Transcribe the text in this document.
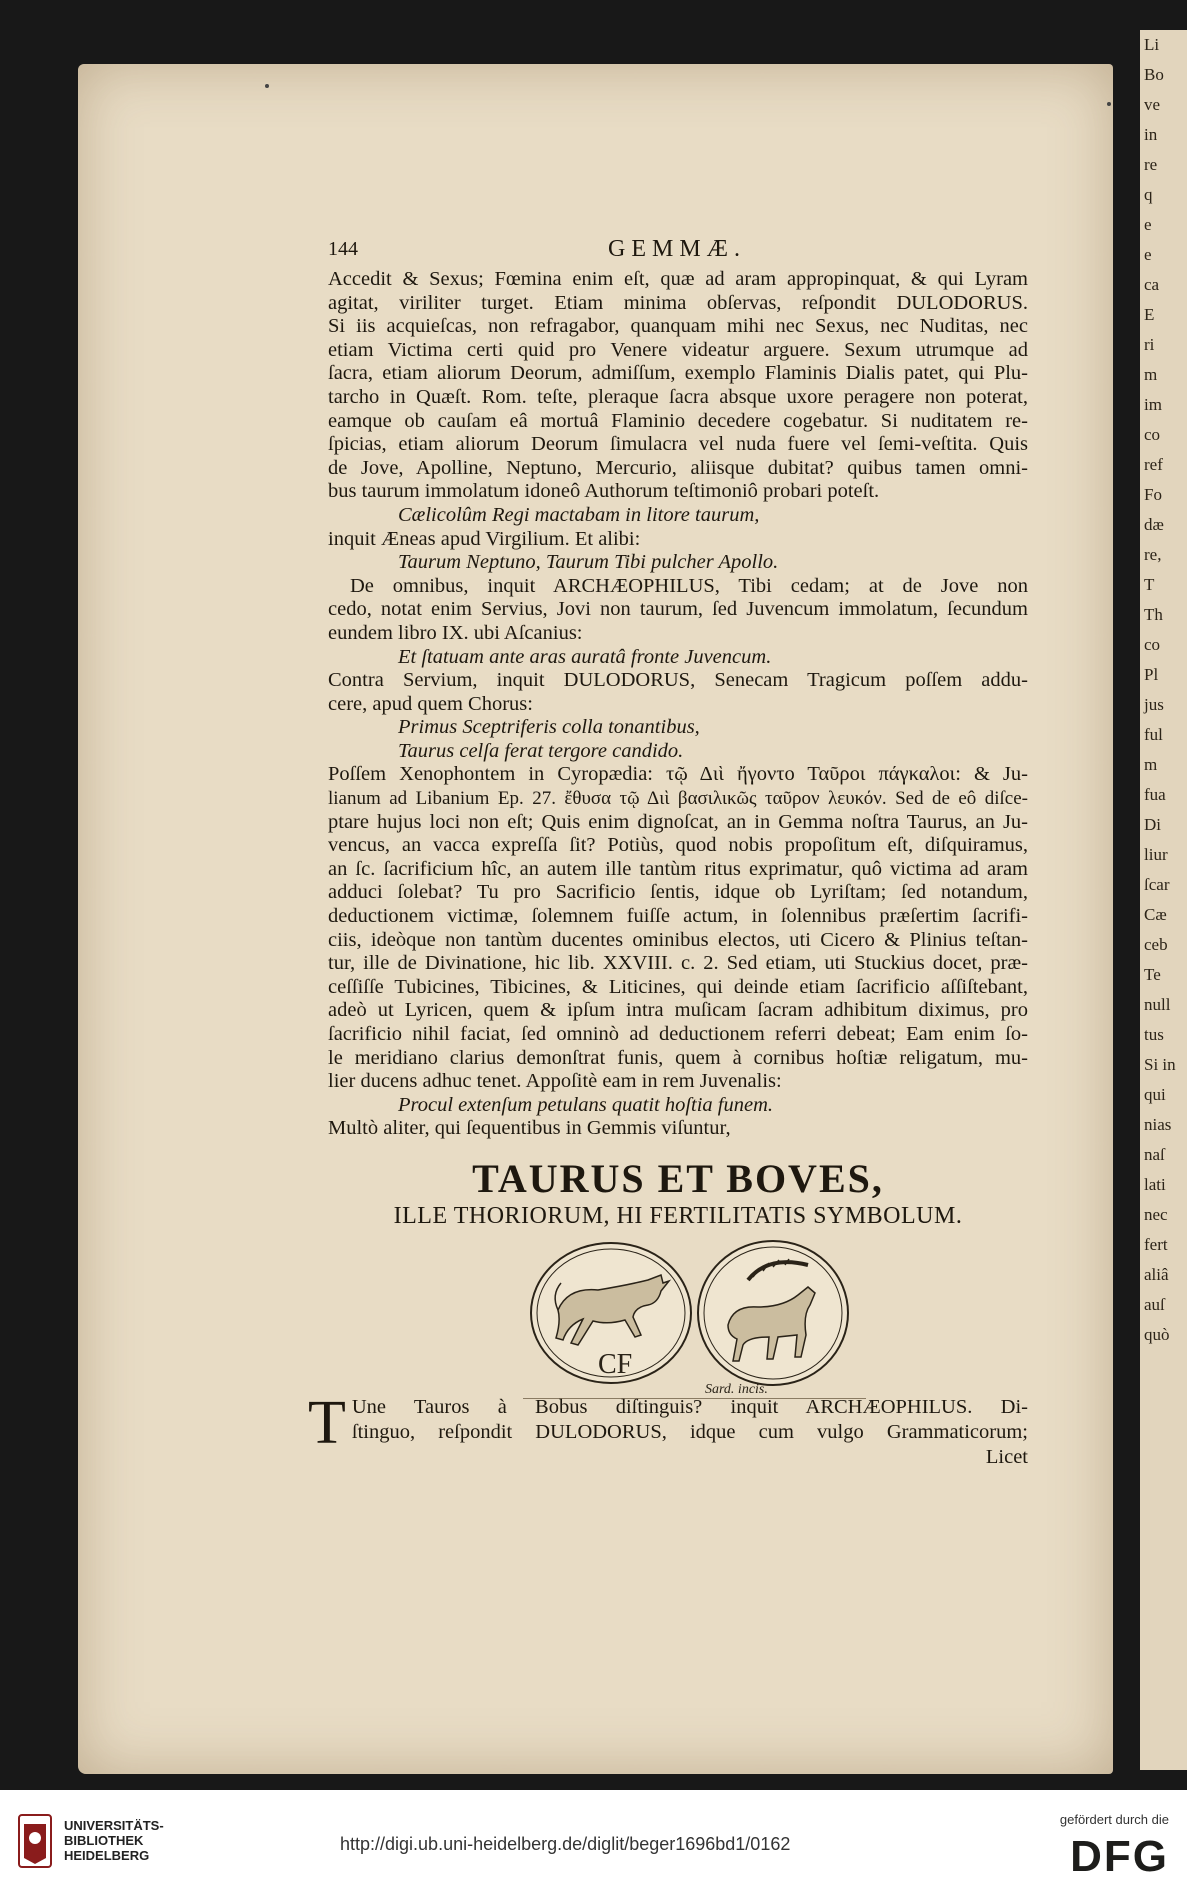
Li
Bo
ve
in
re
q
e
e
ca
E
ri
m
im
co
ref
Fo
dæ
re,
T
Th
co
Pl
jus
ful
m
fua
Di
liur
ſcar
Cæ
ceb
Te
null
tus
Si in
qui
nias
naſ
lati
nec
fert
aliâ
auſ
quò
144	GEMMÆ.
Accedit & Sexus; Fœmina enim eſt, quæ ad aram appropinquat, & qui Lyram
agitat, viriliter turget. Etiam minima obſervas, reſpondit DULODORUS.
Si iis acquieſcas, non refragabor, quanquam mihi nec Sexus, nec Nuditas, nec
etiam Victima certi quid pro Venere videatur arguere. Sexum utrumque ad
ſacra, etiam aliorum Deorum, admiſſum, exemplo Flaminis Dialis patet, qui Plu-
tarcho in Quæſt. Rom. teſte, pleraque ſacra absque uxore peragere non poterat,
eamque ob cauſam eâ mortuâ Flaminio decedere cogebatur. Si nuditatem re-
ſpicias, etiam aliorum Deorum ſimulacra vel nuda fuere vel ſemi-veſtita. Quis
de Jove, Apolline, Neptuno, Mercurio, aliisque dubitat? quibus tamen omni-
bus taurum immolatum idoneô Authorum teſtimoniô probari poteſt.
Cælicolûm Regi mactabam in litore taurum,
inquit Æneas apud Virgilium. Et alibi:
Taurum Neptuno, Taurum Tibi pulcher Apollo.
De omnibus, inquit ARCHÆOPHILUS, Tibi cedam; at de Jove non
cedo, notat enim Servius, Jovi non taurum, ſed Juvencum immolatum, ſecundum
eundem libro IX. ubi Aſcanius:
Et ſtatuam ante aras auratâ fronte Juvencum.
Contra Servium, inquit DULODORUS, Senecam Tragicum poſſem addu-
cere, apud quem Chorus:
Primus Sceptriferis colla tonantibus,
Taurus celſa ferat tergore candido.
Poſſem Xenophontem in Cyropædia: τῷ Διὶ ἤγοντο Ταῦροι πάγκαλοι: & Ju-
lianum ad Libanium Ep. 27. ἔθυσα τῷ Διὶ βασιλικῶς ταῦρον λευκόν. Sed de eô diſce-
ptare hujus loci non eſt; Quis enim dignoſcat, an in Gemma noſtra Taurus, an Ju-
vencus, an vacca expreſſa ſit? Potiùs, quod nobis propoſitum eſt, diſquiramus,
an ſc. ſacrificium hîc, an autem ille tantùm ritus exprimatur, quô victima ad aram
adduci ſolebat? Tu pro Sacrificio ſentis, idque ob Lyriſtam; ſed notandum,
deductionem victimæ, ſolemnem fuiſſe actum, in ſolennibus præſertim ſacrifi-
ciis, ideòque non tantùm ducentes ominibus electos, uti Cicero & Plinius teſtan-
tur, ille de Divinatione, hic lib. XXVIII. c. 2. Sed etiam, uti Stuckius docet, præ-
ceſſiſſe Tubicines, Tibicines, & Liticines, qui deinde etiam ſacrificio aſſiſtebant,
adeò ut Lyricen, quem & ipſum intra muſicam ſacram adhibitum diximus, pro
ſacrificio nihil faciat, ſed omninò ad deductionem referri debeat; Eam enim ſo-
le meridiano clarius demonſtrat funis, quem à cornibus hoſtiæ religatum, mu-
lier ducens adhuc tenet. Appoſitè eam in rem Juvenalis:
Procul extenſum petulans quatit hoſtia funem.
Multò aliter, qui ſequentibus in Gemmis viſuntur,
TAURUS ET BOVES,
ILLE THORIORUM, HI FERTILITATIS SYMBOLUM.
CF
Sard. incis.
T Une Tauros à Bobus diſtinguis? inquit ARCHÆOPHILUS. Di-
ſtinguo, reſpondit DULODORUS, idque cum vulgo Grammaticorum;
Licet
UNIVERSITÄTS-
BIBLIOTHEK
HEIDELBERG
http://digi.ub.uni-heidelberg.de/diglit/beger1696bd1/0162
gefördert durch die
DFG
